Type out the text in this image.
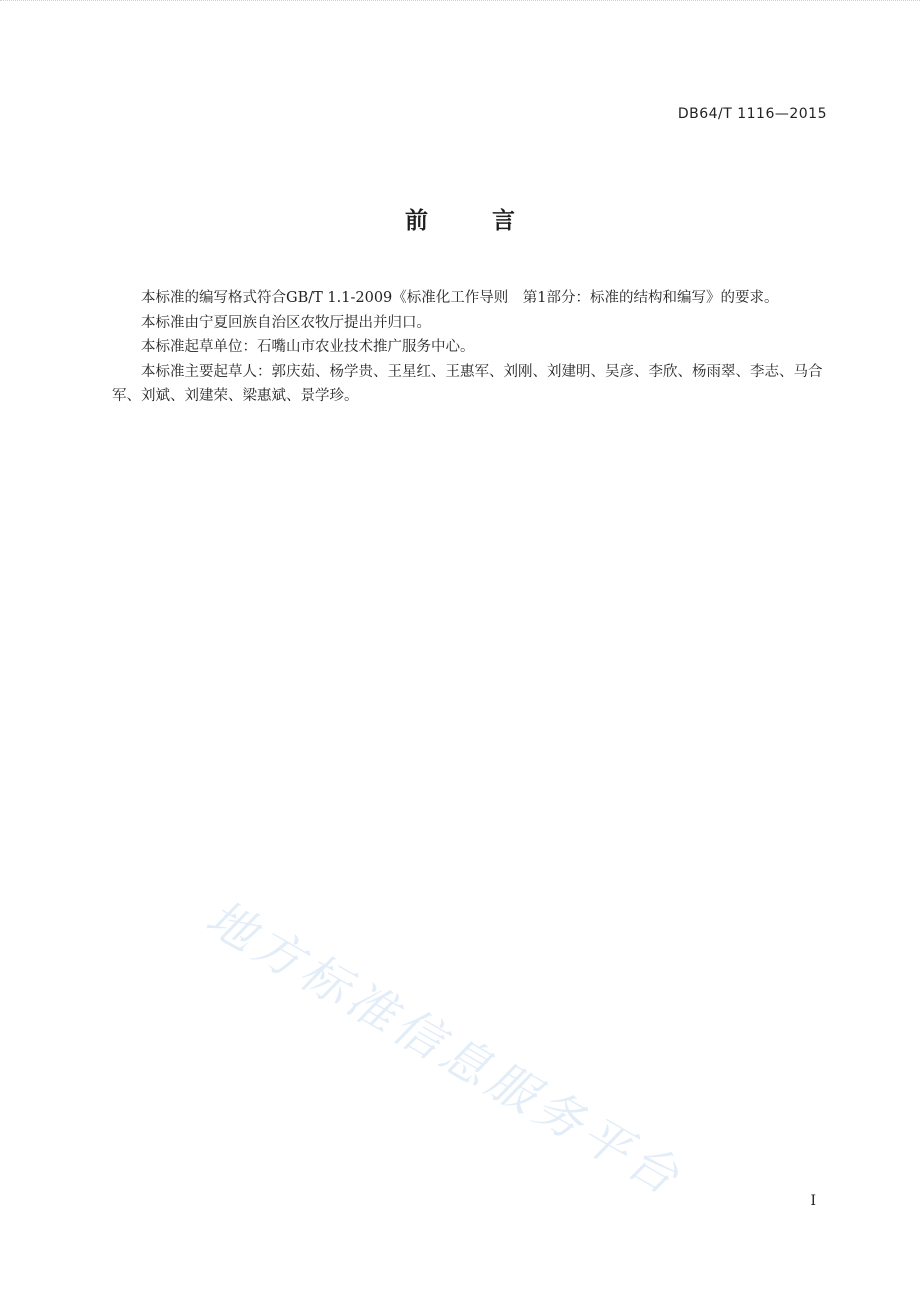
DB64/T 1116—2015
前 言

本标准的编写格式符合GB/T 1.1-2009《标准化工作导则　第1部分：标准的结构和编写》的要求。

本标准由宁夏回族自治区农牧厅提出并归口。

本标准起草单位：石嘴山市农业技术推广服务中心。

本标准主要起草人：郭庆茹、杨学贵、王星红、王惠军、刘刚、刘建明、吴彦、李欣、杨雨翠、李志、马合军、刘斌、刘建荣、梁惠斌、景学珍。

地方标准信息服务平台	I
